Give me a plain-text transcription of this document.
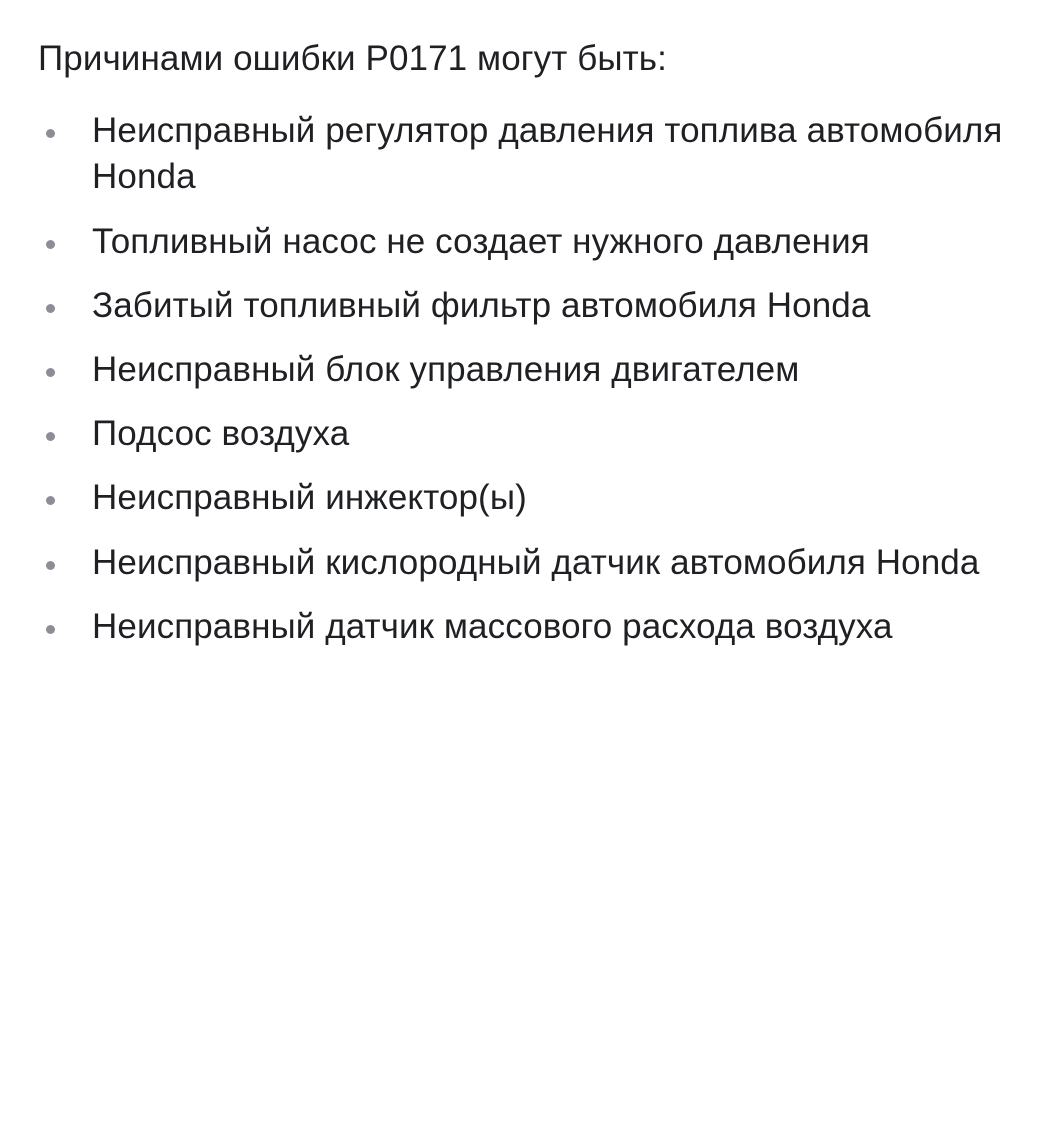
Причинами ошибки P0171 могут быть:

Неисправный регулятор давления топлива автомобиля Honda
Топливный насос не создает нужного давления
Забитый топливный фильтр автомобиля Honda
Неисправный блок управления двигателем
Подсос воздуха
Неисправный инжектор(ы)
Неисправный кислородный датчик автомобиля Honda
Неисправный датчик массового расхода воздуха
